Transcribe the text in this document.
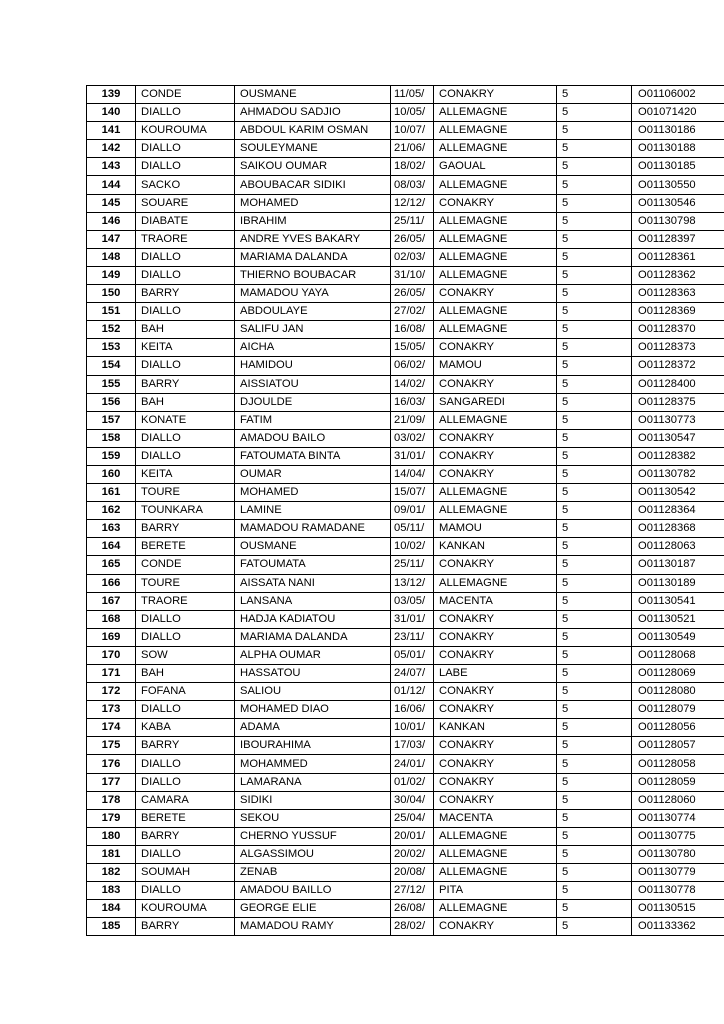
139	CONDE	OUSMANE	11/05/	CONAKRY	5	O01106002
140	DIALLO	AHMADOU SADJIO	10/05/	ALLEMAGNE	5	O01071420
141	KOUROUMA	ABDOUL KARIM OSMAN	10/07/	ALLEMAGNE	5	O01130186
142	DIALLO	SOULEYMANE	21/06/	ALLEMAGNE	5	O01130188
143	DIALLO	SAIKOU OUMAR	18/02/	GAOUAL	5	O01130185
144	SACKO	ABOUBACAR SIDIKI	08/03/	ALLEMAGNE	5	O01130550
145	SOUARE	MOHAMED	12/12/	CONAKRY	5	O01130546
146	DIABATE	IBRAHIM	25/11/	ALLEMAGNE	5	O01130798
147	TRAORE	ANDRE YVES BAKARY	26/05/	ALLEMAGNE	5	O01128397
148	DIALLO	MARIAMA DALANDA	02/03/	ALLEMAGNE	5	O01128361
149	DIALLO	THIERNO BOUBACAR	31/10/	ALLEMAGNE	5	O01128362
150	BARRY	MAMADOU YAYA	26/05/	CONAKRY	5	O01128363
151	DIALLO	ABDOULAYE	27/02/	ALLEMAGNE	5	O01128369
152	BAH	SALIFU JAN	16/08/	ALLEMAGNE	5	O01128370
153	KEITA	AICHA	15/05/	CONAKRY	5	O01128373
154	DIALLO	HAMIDOU	06/02/	MAMOU	5	O01128372
155	BARRY	AISSIATOU	14/02/	CONAKRY	5	O01128400
156	BAH	DJOULDE	16/03/	SANGAREDI	5	O01128375
157	KONATE	FATIM	21/09/	ALLEMAGNE	5	O01130773
158	DIALLO	AMADOU BAILO	03/02/	CONAKRY	5	O01130547
159	DIALLO	FATOUMATA BINTA	31/01/	CONAKRY	5	O01128382
160	KEITA	OUMAR	14/04/	CONAKRY	5	O01130782
161	TOURE	MOHAMED	15/07/	ALLEMAGNE	5	O01130542
162	TOUNKARA	LAMINE	09/01/	ALLEMAGNE	5	O01128364
163	BARRY	MAMADOU RAMADANE	05/11/	MAMOU	5	O01128368
164	BERETE	OUSMANE	10/02/	KANKAN	5	O01128063
165	CONDE	FATOUMATA	25/11/	CONAKRY	5	O01130187
166	TOURE	AISSATA NANI	13/12/	ALLEMAGNE	5	O01130189
167	TRAORE	LANSANA	03/05/	MACENTA	5	O01130541
168	DIALLO	HADJA KADIATOU	31/01/	CONAKRY	5	O01130521
169	DIALLO	MARIAMA DALANDA	23/11/	CONAKRY	5	O01130549
170	SOW	ALPHA OUMAR	05/01/	CONAKRY	5	O01128068
171	BAH	HASSATOU	24/07/	LABE	5	O01128069
172	FOFANA	SALIOU	01/12/	CONAKRY	5	O01128080
173	DIALLO	MOHAMED DIAO	16/06/	CONAKRY	5	O01128079
174	KABA	ADAMA	10/01/	KANKAN	5	O01128056
175	BARRY	IBOURAHIMA	17/03/	CONAKRY	5	O01128057
176	DIALLO	MOHAMMED	24/01/	CONAKRY	5	O01128058
177	DIALLO	LAMARANA	01/02/	CONAKRY	5	O01128059
178	CAMARA	SIDIKI	30/04/	CONAKRY	5	O01128060
179	BERETE	SEKOU	25/04/	MACENTA	5	O01130774
180	BARRY	CHERNO YUSSUF	20/01/	ALLEMAGNE	5	O01130775
181	DIALLO	ALGASSIMOU	20/02/	ALLEMAGNE	5	O01130780
182	SOUMAH	ZENAB	20/08/	ALLEMAGNE	5	O01130779
183	DIALLO	AMADOU BAILLO	27/12/	PITA	5	O01130778
184	KOUROUMA	GEORGE ELIE	26/08/	ALLEMAGNE	5	O01130515
185	BARRY	MAMADOU RAMY	28/02/	CONAKRY	5	O01133362
